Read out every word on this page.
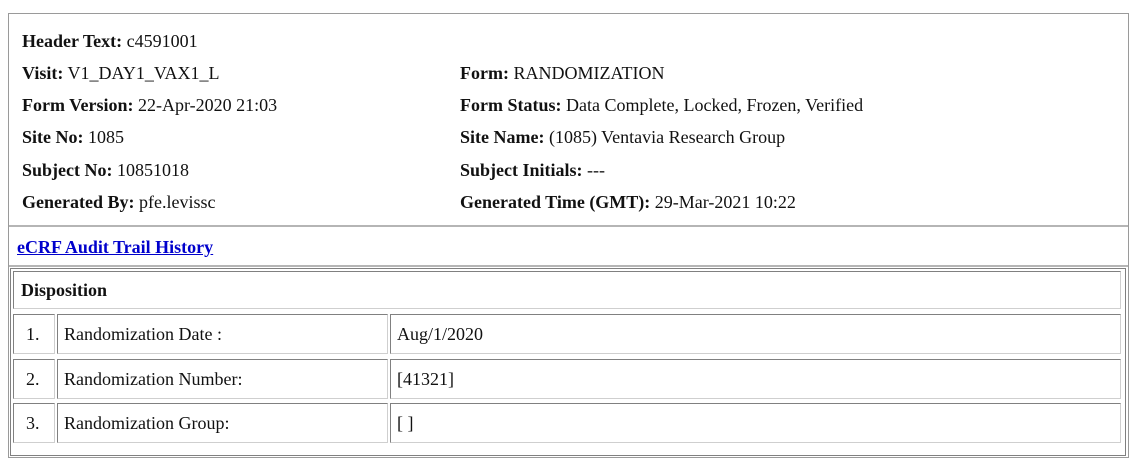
Header Text: c4591001
Visit: V1_DAY1_VAX1_L	Form: RANDOMIZATION
Form Version: 22-Apr-2020 21:03	Form Status: Data Complete, Locked, Frozen, Verified
Site No: 1085	Site Name: (1085) Ventavia Research Group
Subject No: 10851018	Subject Initials: ---
Generated By: pfe.levissc	Generated Time (GMT): 29-Mar-2021 10:22
eCRF Audit Trail History
Disposition
1.	Randomization Date :	Aug/1/2020
2.	Randomization Number:	[41321]
3.	Randomization Group:	[ ]
